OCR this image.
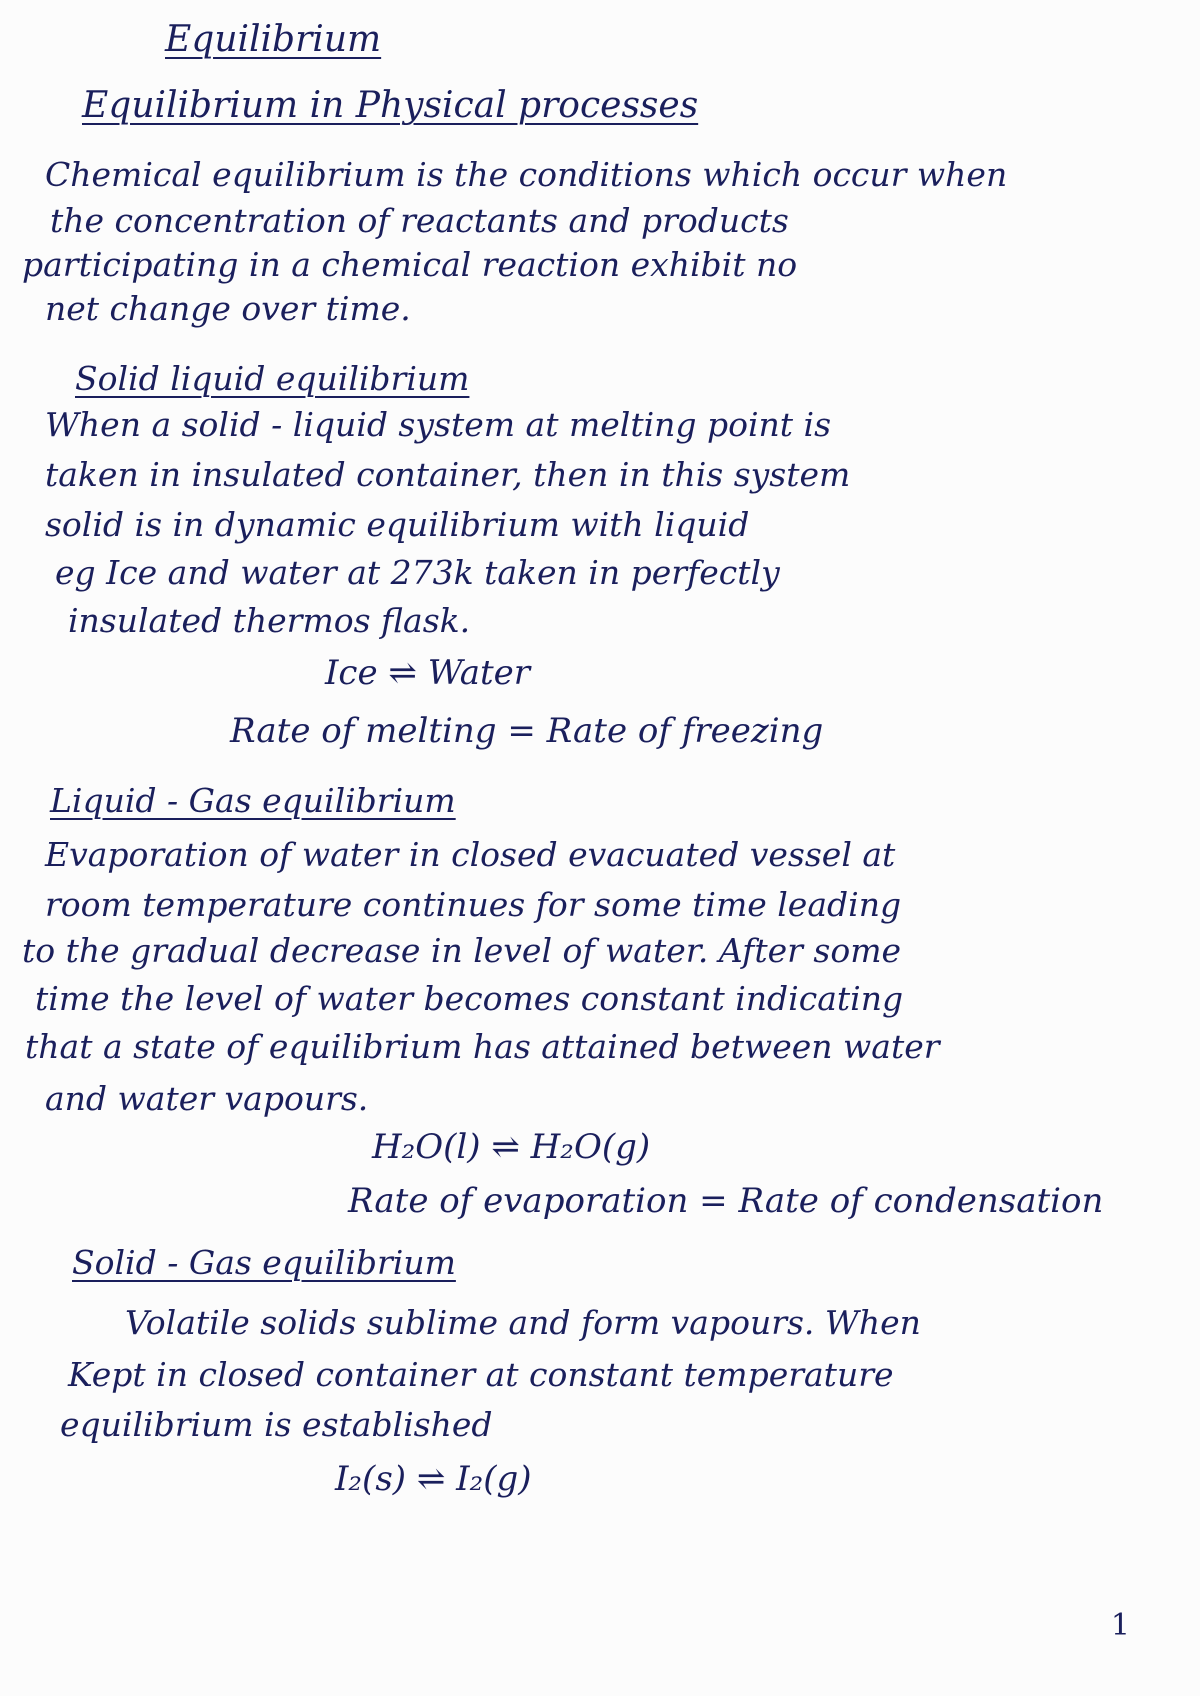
Equilibrium
Equilibrium in Physical processes
Chemical equilibrium is the conditions which occur when
the concentration of reactants and products
participating in a chemical reaction exhibit no
net change over time.
Solid liquid equilibrium
When a solid - liquid system at melting point is
taken in insulated container, then in this system
solid is in dynamic equilibrium with liquid
eg Ice and water at 273k taken in perfectly
insulated thermos flask.
Ice ⇌ Water
Rate of melting = Rate of freezing
Liquid - Gas equilibrium
Evaporation of water in closed evacuated vessel at
room temperature continues for some time leading
to the gradual decrease in level of water. After some
time the level of water becomes constant indicating
that a state of equilibrium has attained between water
and water vapours.
H₂O(l) ⇌ H₂O(g)
Rate of evaporation = Rate of condensation
Solid - Gas equilibrium
Volatile solids sublime and form vapours. When
Kept in closed container at constant temperature
equilibrium is established
I₂(s) ⇌ I₂(g)
1
